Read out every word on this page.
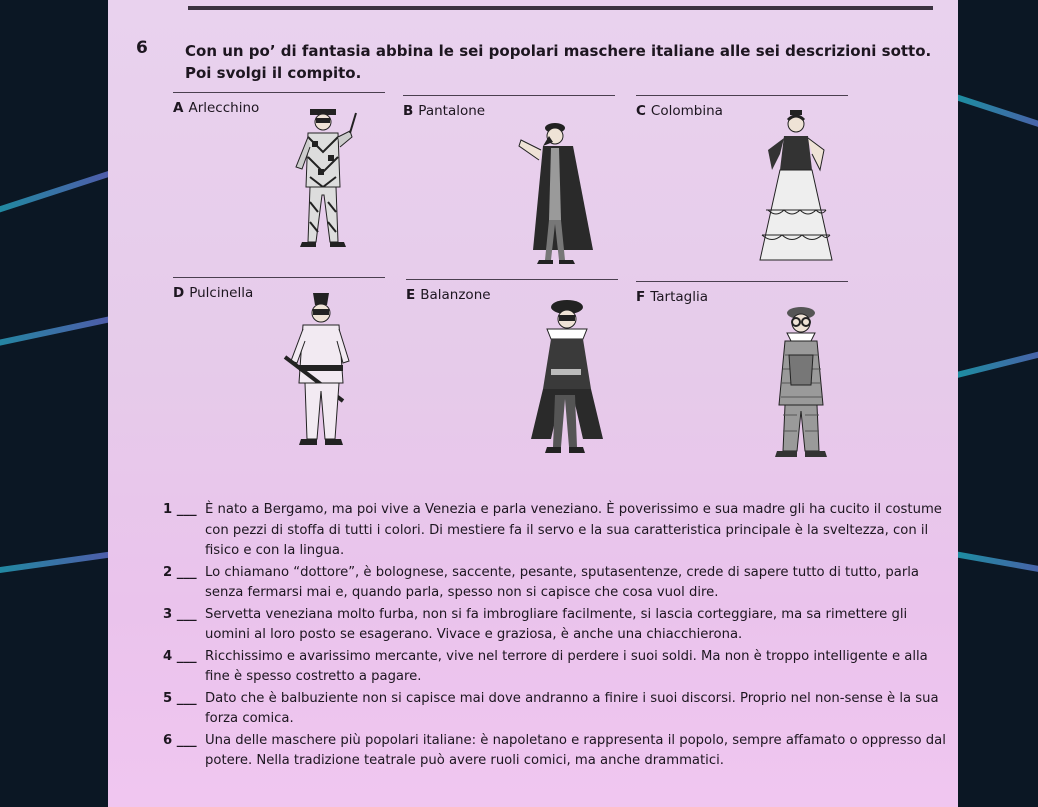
6 Con un po’ di fantasia abbina le sei popolari maschere italiane alle sei descrizioni sotto.
Poi svolgi il compito.
A Arlecchino	B Pantalone	C Colombina
D Pulcinella	E Balanzone	F Tartaglia
1 ___ È nato a Bergamo, ma poi vive a Venezia e parla veneziano. È poverissimo e sua madre gli ha cucito il costume con pezzi di stoffa di tutti i colori. Di mestiere fa il servo e la sua caratteristica principale è la sveltezza, con il fisico e con la lingua.
2 ___ Lo chiamano “dottore”, è bolognese, saccente, pesante, sputasentenze, crede di sapere tutto di tutto, parla senza fermarsi mai e, quando parla, spesso non si capisce che cosa vuol dire.
3 ___ Servetta veneziana molto furba, non si fa imbrogliare facilmente, si lascia corteggiare, ma sa rimettere gli uomini al loro posto se esagerano. Vivace e graziosa, è anche una chiacchierona.
4 ___ Ricchissimo e avarissimo mercante, vive nel terrore di perdere i suoi soldi. Ma non è troppo intelligente e alla fine è spesso costretto a pagare.
5 ___ Dato che è balbuziente non si capisce mai dove andranno a finire i suoi discorsi. Proprio nel non-sense è la sua forza comica.
6 ___ Una delle maschere più popolari italiane: è napoletano e rappresenta il popolo, sempre affamato o oppresso dal potere. Nella tradizione teatrale può avere ruoli comici, ma anche drammatici.
